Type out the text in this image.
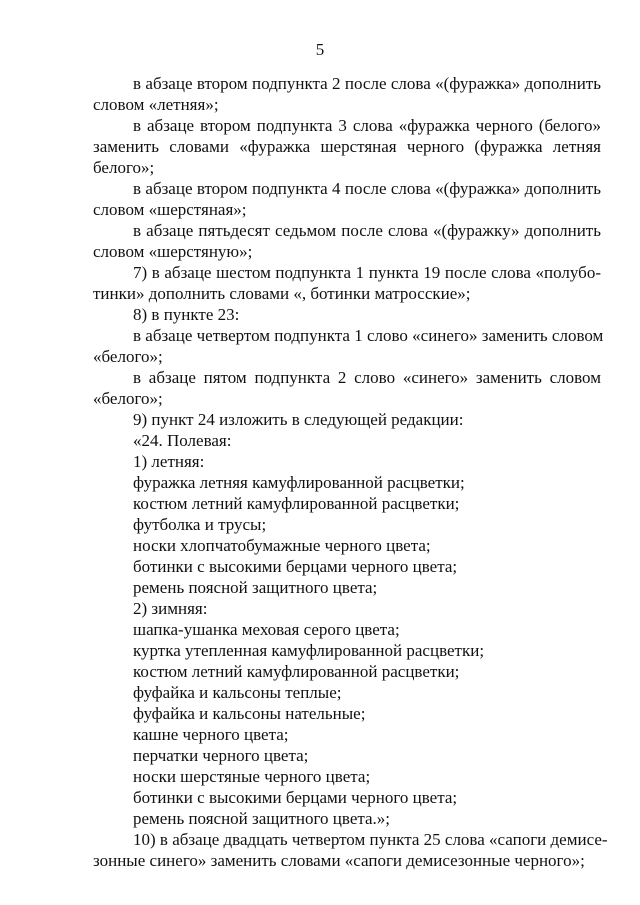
5
в абзаце втором подпункта 2 после слова «(фуражка» дополнить
словом «летняя»;
в абзаце втором подпункта 3 слова «фуражка черного (белого»
заменить словами «фуражка шерстяная черного (фуражка летняя
белого»;
в абзаце втором подпункта 4 после слова «(фуражка» дополнить
словом «шерстяная»;
в абзаце пятьдесят седьмом после слова «(фуражку» дополнить
словом «шерстяную»;
7) в абзаце шестом подпункта 1 пункта 19 после слова «полубо-
тинки» дополнить словами «, ботинки матросские»;
8) в пункте 23:
в абзаце четвертом подпункта 1 слово «синего» заменить словом
«белого»;
в абзаце пятом подпункта 2 слово «синего» заменить словом
«белого»;
9) пункт 24 изложить в следующей редакции:
«24. Полевая:
1) летняя:
фуражка летняя камуфлированной расцветки;
костюм летний камуфлированной расцветки;
футболка и трусы;
носки хлопчатобумажные черного цвета;
ботинки с высокими берцами черного цвета;
ремень поясной защитного цвета;
2) зимняя:
шапка-ушанка меховая серого цвета;
куртка утепленная камуфлированной расцветки;
костюм летний камуфлированной расцветки;
фуфайка и кальсоны теплые;
фуфайка и кальсоны нательные;
кашне черного цвета;
перчатки черного цвета;
носки шерстяные черного цвета;
ботинки с высокими берцами черного цвета;
ремень поясной защитного цвета.»;
10) в абзаце двадцать четвертом пункта 25 слова «сапоги демисе-
зонные синего» заменить словами «сапоги демисезонные черного»;
